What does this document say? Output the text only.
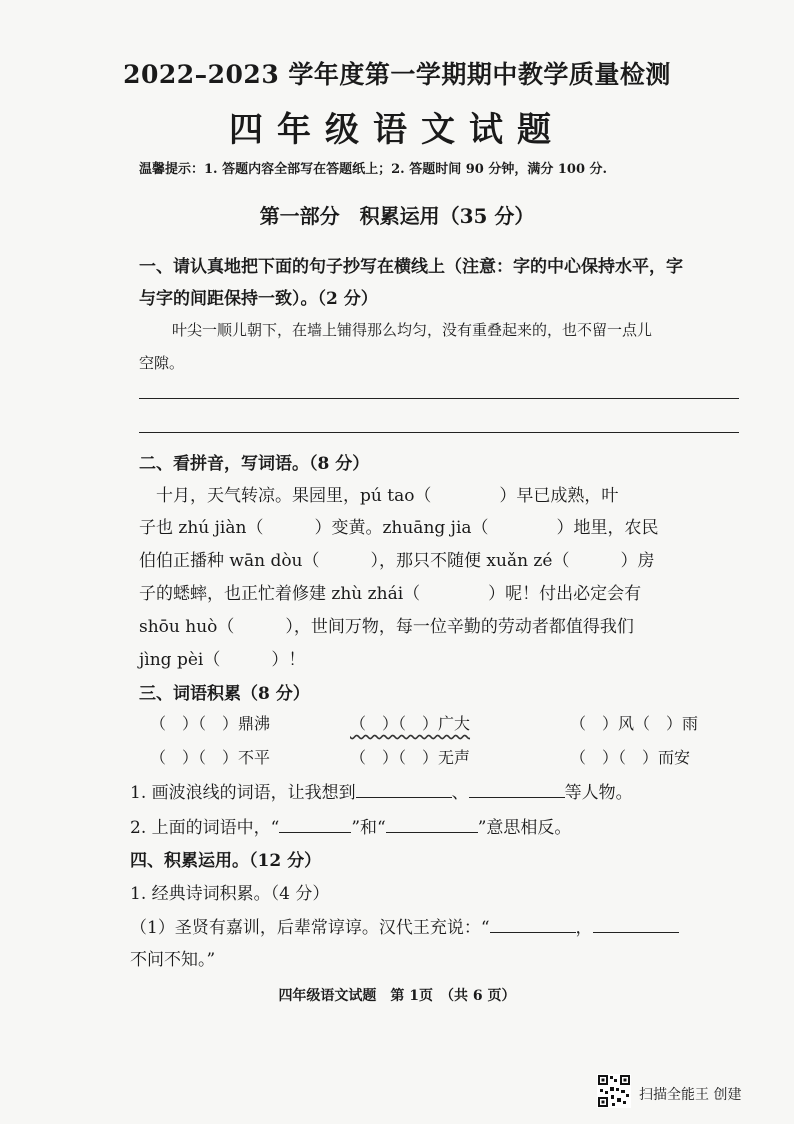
2022–2023 学年度第一学期期中教学质量检测
四年级语文试题
温馨提示：1. 答题内容全部写在答题纸上；2. 答题时间 90 分钟，满分 100 分.
第一部分　积累运用（35 分）
一、请认真地把下面的句子抄写在横线上（注意：字的中心保持水平，字
与字的间距保持一致）。（2 分）
叶尖一顺儿朝下，在墙上铺得那么均匀，没有重叠起来的，也不留一点儿
空隙。
二、看拼音，写词语。（8 分）
　十月，天气转凉。果园里，pú tao（　　　　）早已成熟，叶
子也 zhú jiàn（　　　）变黄。zhuāng jia（　　　　）地里，农民
伯伯正播种 wān dòu（　　　），那只不随便 xuǎn zé（　　　）房
子的蟋蟀，也正忙着修建 zhù zhái（　　　　）呢！付出必定会有
shōu huò（　　　），世间万物，每一位辛勤的劳动者都值得我们
jìng pèi（　　　）！
三、词语积累（8 分）
（　）（　）鼎沸	（　）（　）广大	（　）风（　）雨
（　）（　）不平	（　）（　）无声	（　）（　）而安
1. 画波浪线的词语，让我想到	、	等人物。
2. 上面的词语中，“	”和“	”意思相反。
四、积累运用。（12 分）
1. 经典诗词积累。（4 分）
（1）圣贤有嘉训，后辈常谆谆。汉代王充说：“	，
不问不知。”
四年级语文试题　第 1页　（共 6 页）
扫描全能王 创建
